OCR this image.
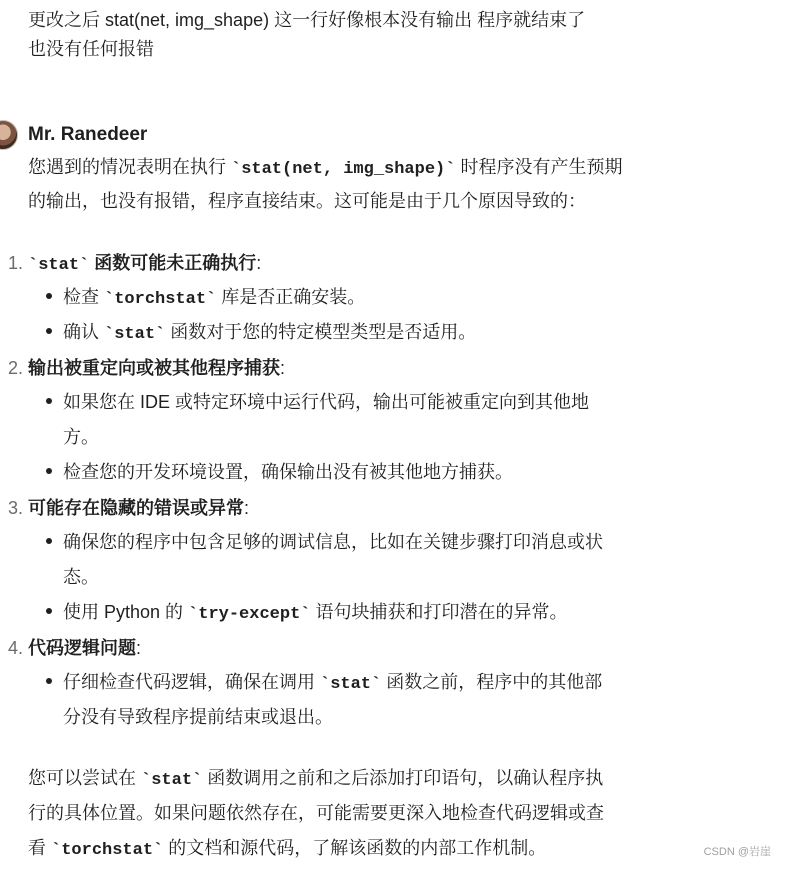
更改之后 stat(net, img_shape) 这一行好像根本没有输出 程序就结束了
也没有任何报错
Mr. Ranedeer
您遇到的情况表明在执行 `stat(net, img_shape)` 时程序没有产生预期
的输出，也没有报错，程序直接结束。这可能是由于几个原因导致的：
1. `stat` 函数可能未正确执行:
检查 `torchstat` 库是否正确安装。
确认 `stat` 函数对于您的特定模型类型是否适用。
2. 输出被重定向或被其他程序捕获:
如果您在 IDE 或特定环境中运行代码，输出可能被重定向到其他地
方。
检查您的开发环境设置，确保输出没有被其他地方捕获。
3. 可能存在隐藏的错误或异常:
确保您的程序中包含足够的调试信息，比如在关键步骤打印消息或状
态。
使用 Python 的 `try-except` 语句块捕获和打印潜在的异常。
4. 代码逻辑问题:
仔细检查代码逻辑，确保在调用 `stat` 函数之前，程序中的其他部
分没有导致程序提前结束或退出。
您可以尝试在 `stat` 函数调用之前和之后添加打印语句，以确认程序执
行的具体位置。如果问题依然存在，可能需要更深入地检查代码逻辑或查
看 `torchstat` 的文档和源代码，了解该函数的内部工作机制。	CSDN @岩崖
